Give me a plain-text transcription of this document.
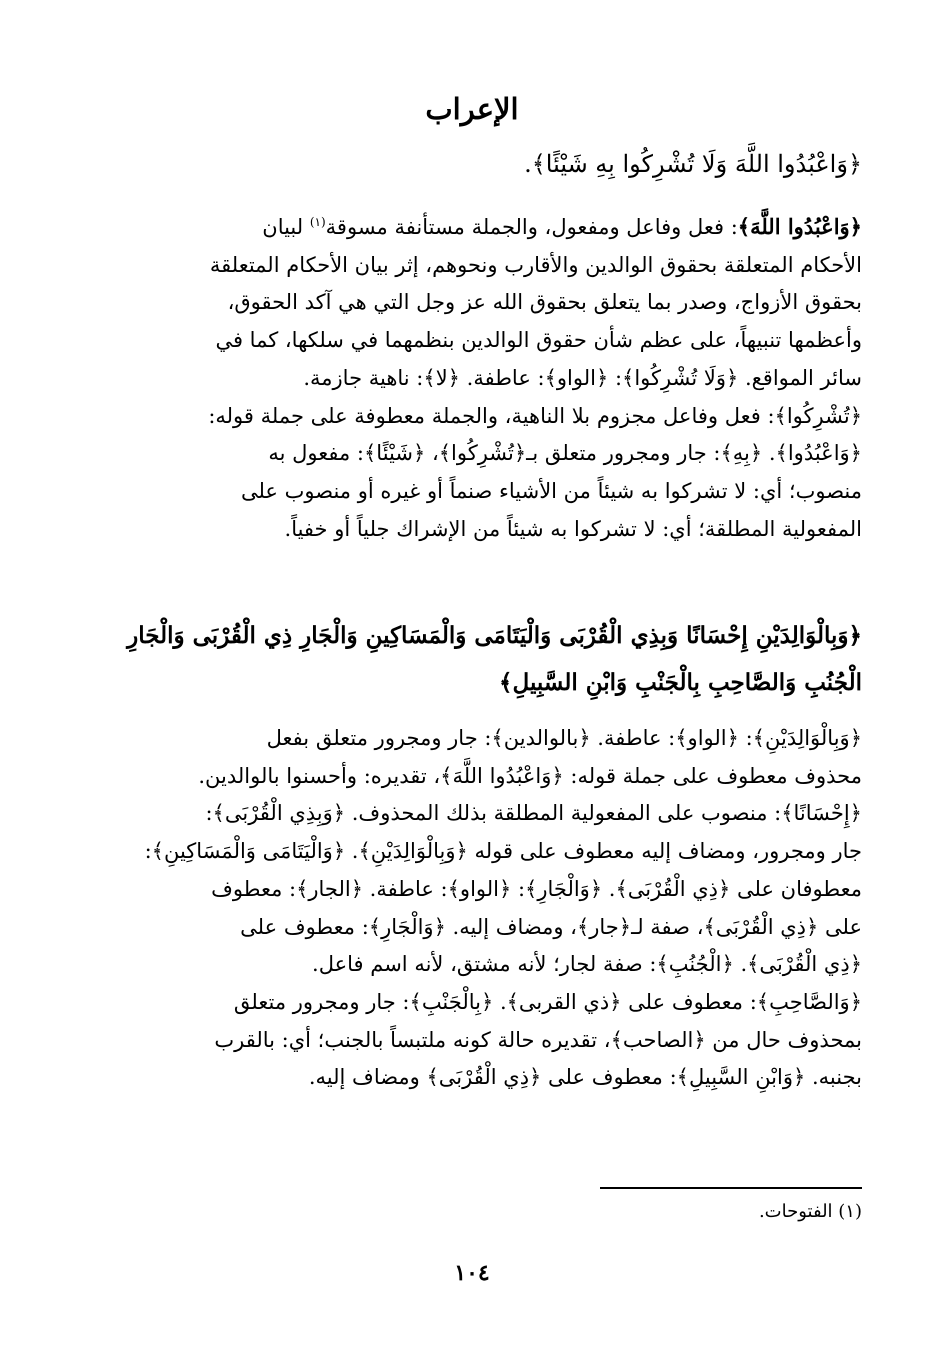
الإعراب
﴿وَاعْبُدُوا اللَّهَ وَلَا تُشْرِكُوا بِهِ شَيْئًا﴾.

﴿وَاعْبُدُوا اللَّهَ﴾: فعل وفاعل ومفعول، والجملة مستأنفة مسوقة$^{(١)}$ لبيان

الأحكام المتعلقة بحقوق الوالدين والأقارب ونحوهم، إثر بيان الأحكام المتعلقة

بحقوق الأزواج، وصدر بما يتعلق بحقوق الله عز وجل التي هي آكد الحقوق،

وأعظمها تنبيهاً، على عظم شأن حقوق الوالدين بنظمهما في سلكها، كما في

سائر المواقع. ﴿وَلَا تُشْرِكُوا﴾: ﴿الواو﴾: عاطفة. ﴿لا﴾: ناهية جازمة.

﴿تُشْرِكُوا﴾: فعل وفاعل مجزوم بلا الناهية، والجملة معطوفة على جملة قوله:

﴿وَاعْبُدُوا﴾. ﴿بِهِ﴾: جار ومجرور متعلق بـ﴿تُشْرِكُوا﴾، ﴿شَيْئًا﴾: مفعول به

منصوب؛ أي: لا تشركوا به شيئاً من الأشياء صنماً أو غيره أو منصوب على

المفعولية المطلقة؛ أي: لا تشركوا به شيئاً من الإشراك جلياً أو خفياً.

﴿وَبِالْوَالِدَيْنِ إِحْسَانًا وَبِذِي الْقُرْبَى وَالْيَتَامَى وَالْمَسَاكِينِ وَالْجَارِ ذِي الْقُرْبَى وَالْجَارِ
الْجُنُبِ وَالصَّاحِبِ بِالْجَنْبِ وَابْنِ السَّبِيلِ﴾

﴿وَبِالْوَالِدَيْنِ﴾: ﴿الواو﴾: عاطفة. ﴿بالوالدين﴾: جار ومجرور متعلق بفعل

محذوف معطوف على جملة قوله: ﴿وَاعْبُدُوا اللَّهَ﴾، تقديره: وأحسنوا بالوالدين.

﴿إِحْسَانًا﴾: منصوب على المفعولية المطلقة بذلك المحذوف. ﴿وَبِذِي الْقُرْبَى﴾:

جار ومجرور، ومضاف إليه معطوف على قوله ﴿وَبِالْوَالِدَيْنِ﴾. ﴿وَالْيَتَامَى وَالْمَسَاكِينِ﴾:

معطوفان على ﴿ذِي الْقُرْبَى﴾. ﴿وَالْجَارِ﴾: ﴿الواو﴾: عاطفة. ﴿الجار﴾: معطوف

على ﴿ذِي الْقُرْبَى﴾، صفة لـ﴿جار﴾، ومضاف إليه. ﴿وَالْجَارِ﴾: معطوف على

﴿ذِي الْقُرْبَى﴾. ﴿الْجُنُبِ﴾: صفة لجار؛ لأنه مشتق، لأنه اسم فاعل.

﴿وَالصَّاحِبِ﴾: معطوف على ﴿ذي القربى﴾. ﴿بِالْجَنْبِ﴾: جار ومجرور متعلق

بمحذوف حال من ﴿الصاحب﴾، تقديره حالة كونه ملتبساً بالجنب؛ أي: بالقرب

بجنبه. ﴿وَابْنِ السَّبِيلِ﴾: معطوف على ﴿ذِي الْقُرْبَى﴾ ومضاف إليه.

(١) الفتوحات.
١٠٤
